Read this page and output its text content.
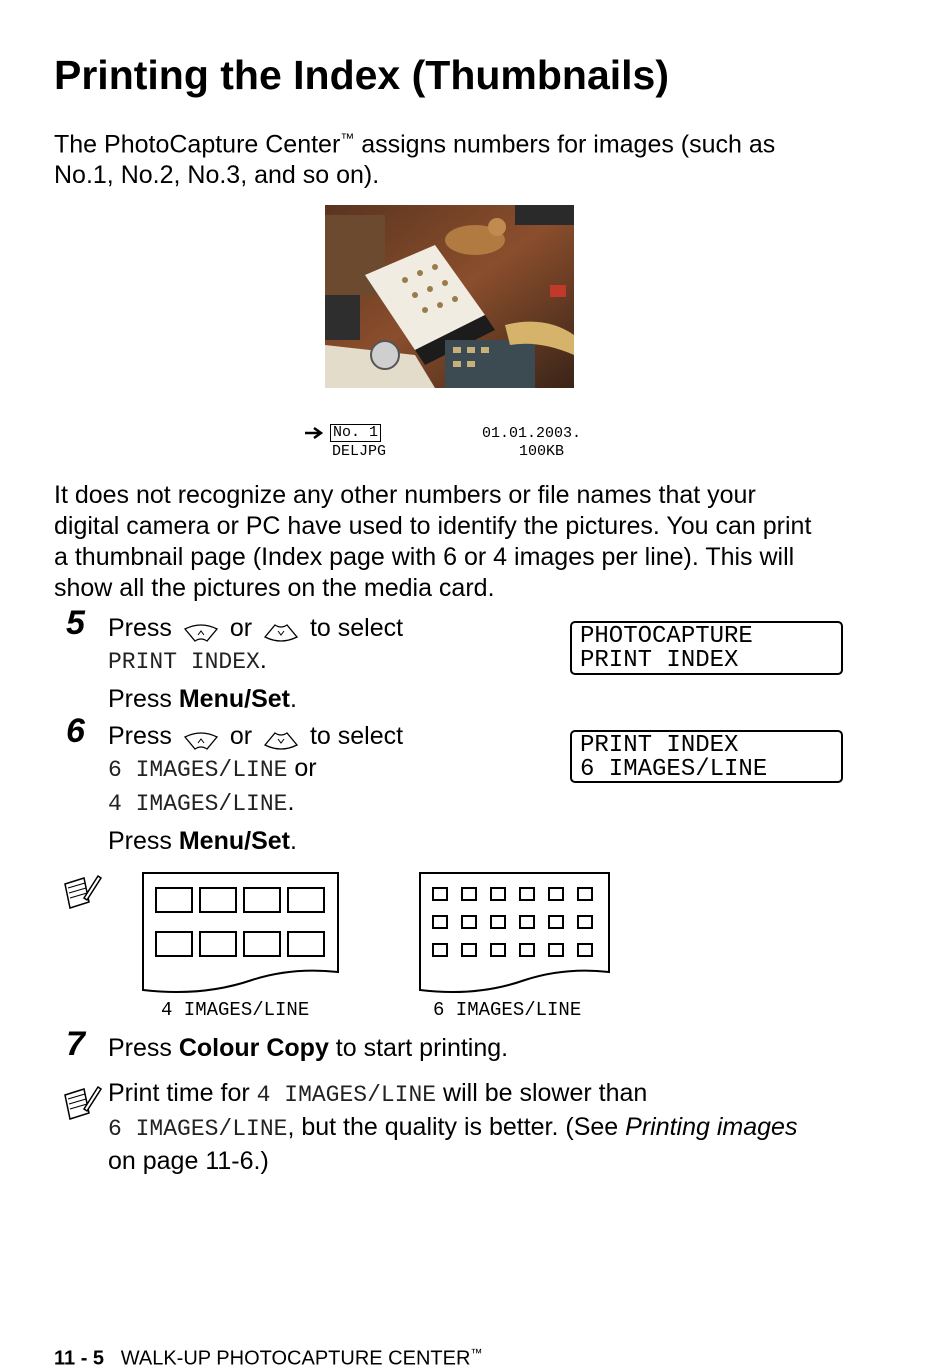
Printing the Index (Thumbnails)
The PhotoCapture Center™ assigns numbers for images (such as
No.1, No.2, No.3, and so on).
No. 1
DELJPG
01.01.2003.
100KB
It does not recognize any other numbers or file names that your
digital camera or PC have used to identify the pictures. You can print
a thumbnail page (Index page with 6 or 4 images per line). This will
show all the pictures on the media card.
5 Press or to select
PRINT INDEX.
Press Menu/Set.
PHOTOCAPTURE
PRINT INDEX
6 Press or to select
6 IMAGES/LINE or
4 IMAGES/LINE.
Press Menu/Set.
PRINT INDEX
6 IMAGES/LINE
4 IMAGES/LINE	6 IMAGES/LINE
7 Press Colour Copy to start printing.
Print time for 4 IMAGES/LINE will be slower than
6 IMAGES/LINE, but the quality is better. (See Printing images
on page 11-6.)
11 - 5 WALK-UP PHOTOCAPTURE CENTER™
